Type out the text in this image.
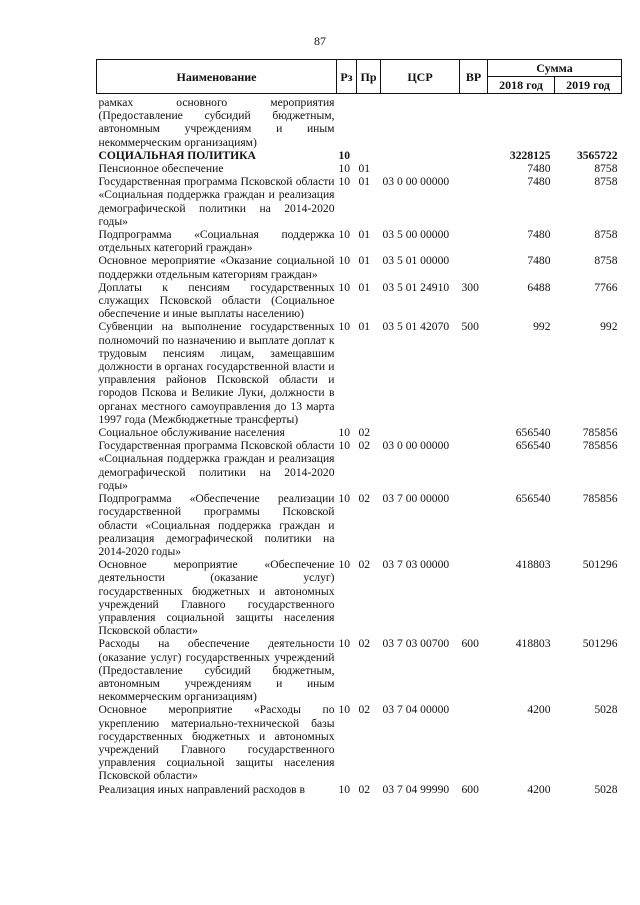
87
Наименование	Рз	Пр	ЦСР	ВР	Сумма	
					2018 год	2019 год
рамках основного мероприятия (Предоставление субсидий бюджетным, автономным учреждениям и иным некоммерческим организациям)						
СОЦИАЛЬНАЯ ПОЛИТИКА	10				3228125	3565722
Пенсионное обеспечение	10	01			7480	8758
Государственная программа Псковской области «Социальная поддержка граждан и реализация демографической политики на 2014-2020 годы»	10	01	03 0 00 00000		7480	8758
Подпрограмма «Социальная поддержка отдельных категорий граждан»	10	01	03 5 00 00000		7480	8758
Основное мероприятие «Оказание социальной поддержки отдельным категориям граждан»	10	01	03 5 01 00000		7480	8758
Доплаты к пенсиям государственных служащих Псковской области (Социальное обеспечение и иные выплаты населению)	10	01	03 5 01 24910	300	6488	7766
Субвенции на выполнение государственных полномочий по назначению и выплате доплат к трудовым пенсиям лицам, замещавшим должности в органах государственной власти и управления районов Псковской области и городов Пскова и Великие Луки, должности в органах местного самоуправления до 13 марта 1997 года (Межбюджетные трансферты)	10	01	03 5 01 42070	500	992	992
Социальное обслуживание населения	10	02			656540	785856
Государственная программа Псковской области «Социальная поддержка граждан и реализация демографической политики на 2014-2020 годы»	10	02	03 0 00 00000		656540	785856
Подпрограмма «Обеспечение реализации государственной программы Псковской области «Социальная поддержка граждан и реализация демографической политики на 2014-2020 годы»	10	02	03 7 00 00000		656540	785856
Основное мероприятие «Обеспечение деятельности (оказание услуг) государственных бюджетных и автономных учреждений Главного государственного управления социальной защиты населения Псковской области»	10	02	03 7 03 00000		418803	501296
Расходы на обеспечение деятельности (оказание услуг) государственных учреждений (Предоставление субсидий бюджетным, автономным учреждениям и иным некоммерческим организациям)	10	02	03 7 03 00700	600	418803	501296
Основное мероприятие «Расходы по укреплению материально-технической базы государственных бюджетных и автономных учреждений Главного государственного управления социальной защиты населения Псковской области»	10	02	03 7 04 00000		4200	5028
Реализация иных направлений расходов в	10	02	03 7 04 99990	600	4200	5028
